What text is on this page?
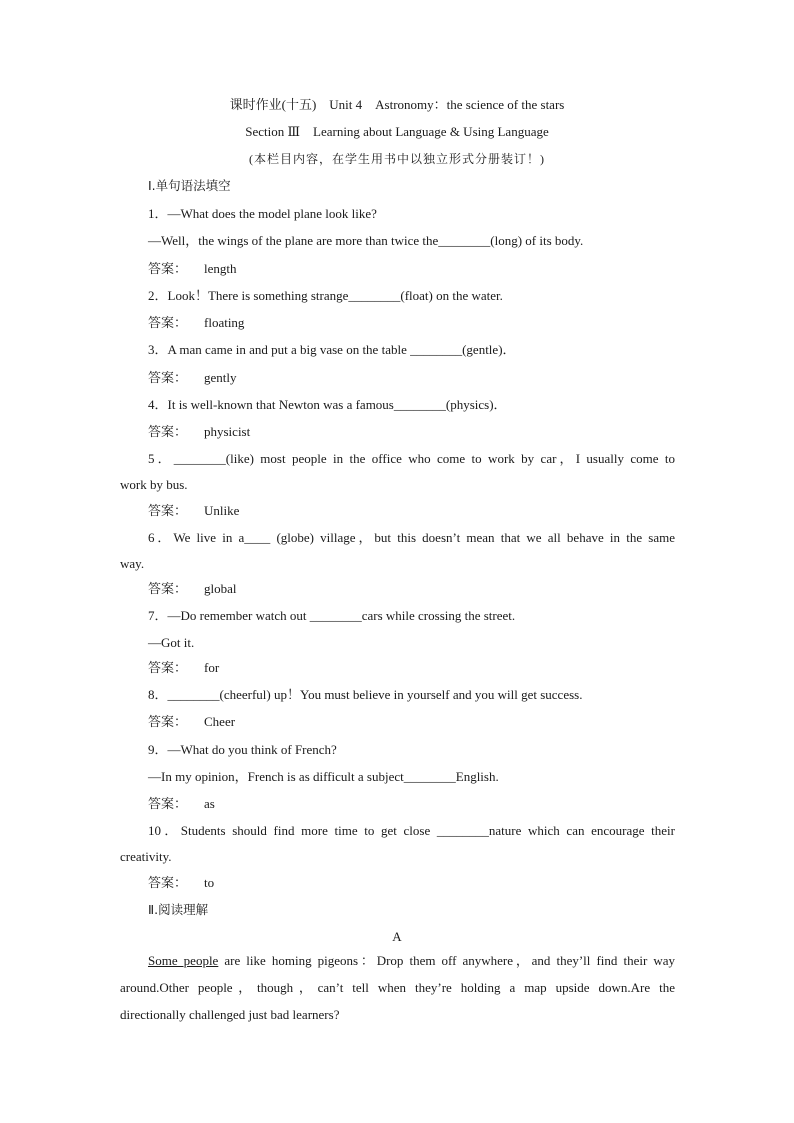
课时作业(十五)　Unit 4　Astronomy：the science of the stars
Section Ⅲ　Learning about Language & Using Language
(本栏目内容，在学生用书中以独立形式分册装订！)
Ⅰ.单句语法填空
1．—What does the model plane look like?
—Well，the wings of the plane are more than twice the________(long) of its body.
答案： length
2．Look！There is something strange________(float) on the water.
答案： floating
3．A man came in and put a big vase on the table ________(gentle)．
答案： gently
4．It is well-known that Newton was a famous________(physics)．
答案： physicist
5．________(like) most people in the office who come to work by car，I usually come to
work by bus.
答案： Unlike
6．We live in a____ (globe) village，but this doesn’t mean that we all behave in the same
way.
答案： global
7．—Do remember watch out ________cars while crossing the street.
—Got it.
答案： for
8．________(cheerful) up！You must believe in yourself and you will get success.
答案： Cheer
9．—What do you think of French?
—In my opinion，French is as difficult a subject________English.
答案： as
10．Students should find more time to get close ________nature which can encourage their
creativity.
答案： to
Ⅱ.阅读理解
A
Some people are like homing pigeons：Drop them off anywhere，and they’ll find their way
around.Other people，though，can’t tell when they’re holding a map upside down.Are the
directionally challenged just bad learners?
